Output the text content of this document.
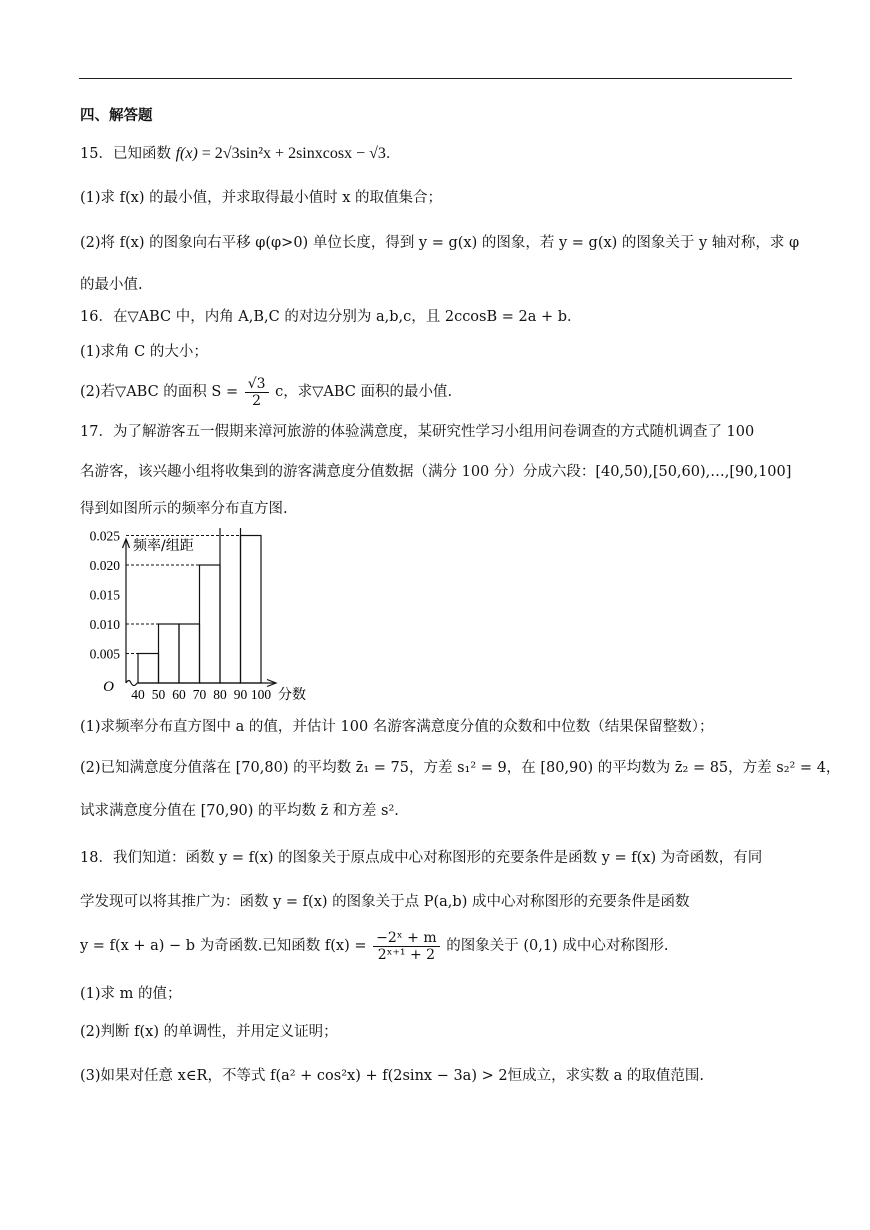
四、解答题
15．已知函数 f(x) = 2√3sin²x + 2sinxcosx − √3．
(1)求 f(x) 的最小值，并求取得最小值时 x 的取值集合；
(2)将 f(x) 的图象向右平移 φ(φ>0) 单位长度，得到 y = g(x) 的图象，若 y = g(x) 的图象关于 y 轴对称，求 φ
的最小值.
16．在▽ABC 中，内角 A,B,C 的对边分别为 a,b,c，且 2ccosB = 2a + b．
(1)求角 C 的大小；
(2)若▽ABC 的面积 $S = \frac{√3}{2}$ c，求▽ABC 面积的最小值.
17．为了解游客五一假期来漳河旅游的体验满意度，某研究性学习小组用问卷调查的方式随机调查了 100
名游客，该兴趣小组将收集到的游客满意度分值数据（满分 100 分）分成六段：[40,50),[50,60),…,[90,100]
得到如图所示的频率分布直方图.
0.005
0.010
0.015
0.020
0.025
40 50 60 70 80 90 100
O
频率/组距
分数
(1)求频率分布直方图中 a 的值，并估计 100 名游客满意度分值的众数和中位数（结果保留整数）；
(2)已知满意度分值落在 [70,80) 的平均数 z̄₁ = 75，方差 s₁² = 9，在 [80,90) 的平均数为 z̄₂ = 85，方差 s₂² = 4，
试求满意度分值在 [70,90) 的平均数 z̄ 和方差 s².
18．我们知道：函数 y = f(x) 的图象关于原点成中心对称图形的充要条件是函数 y = f(x) 为奇函数，有同
学发现可以将其推广为：函数 y = f(x) 的图象关于点 P(a,b) 成中心对称图形的充要条件是函数
y = f(x + a) − b 为奇函数.已知函数 $f(x) = \frac{\text{−2ˣ + m}}{\text{2ˣ⁺¹ + 2}}$ 的图象关于 (0,1) 成中心对称图形.
(1)求 m 的值；
(2)判断 f(x) 的单调性，并用定义证明；
(3)如果对任意 x∈R，不等式 f(a² + cos²x) + f(2sinx − 3a) > 2恒成立，求实数 a 的取值范围.
